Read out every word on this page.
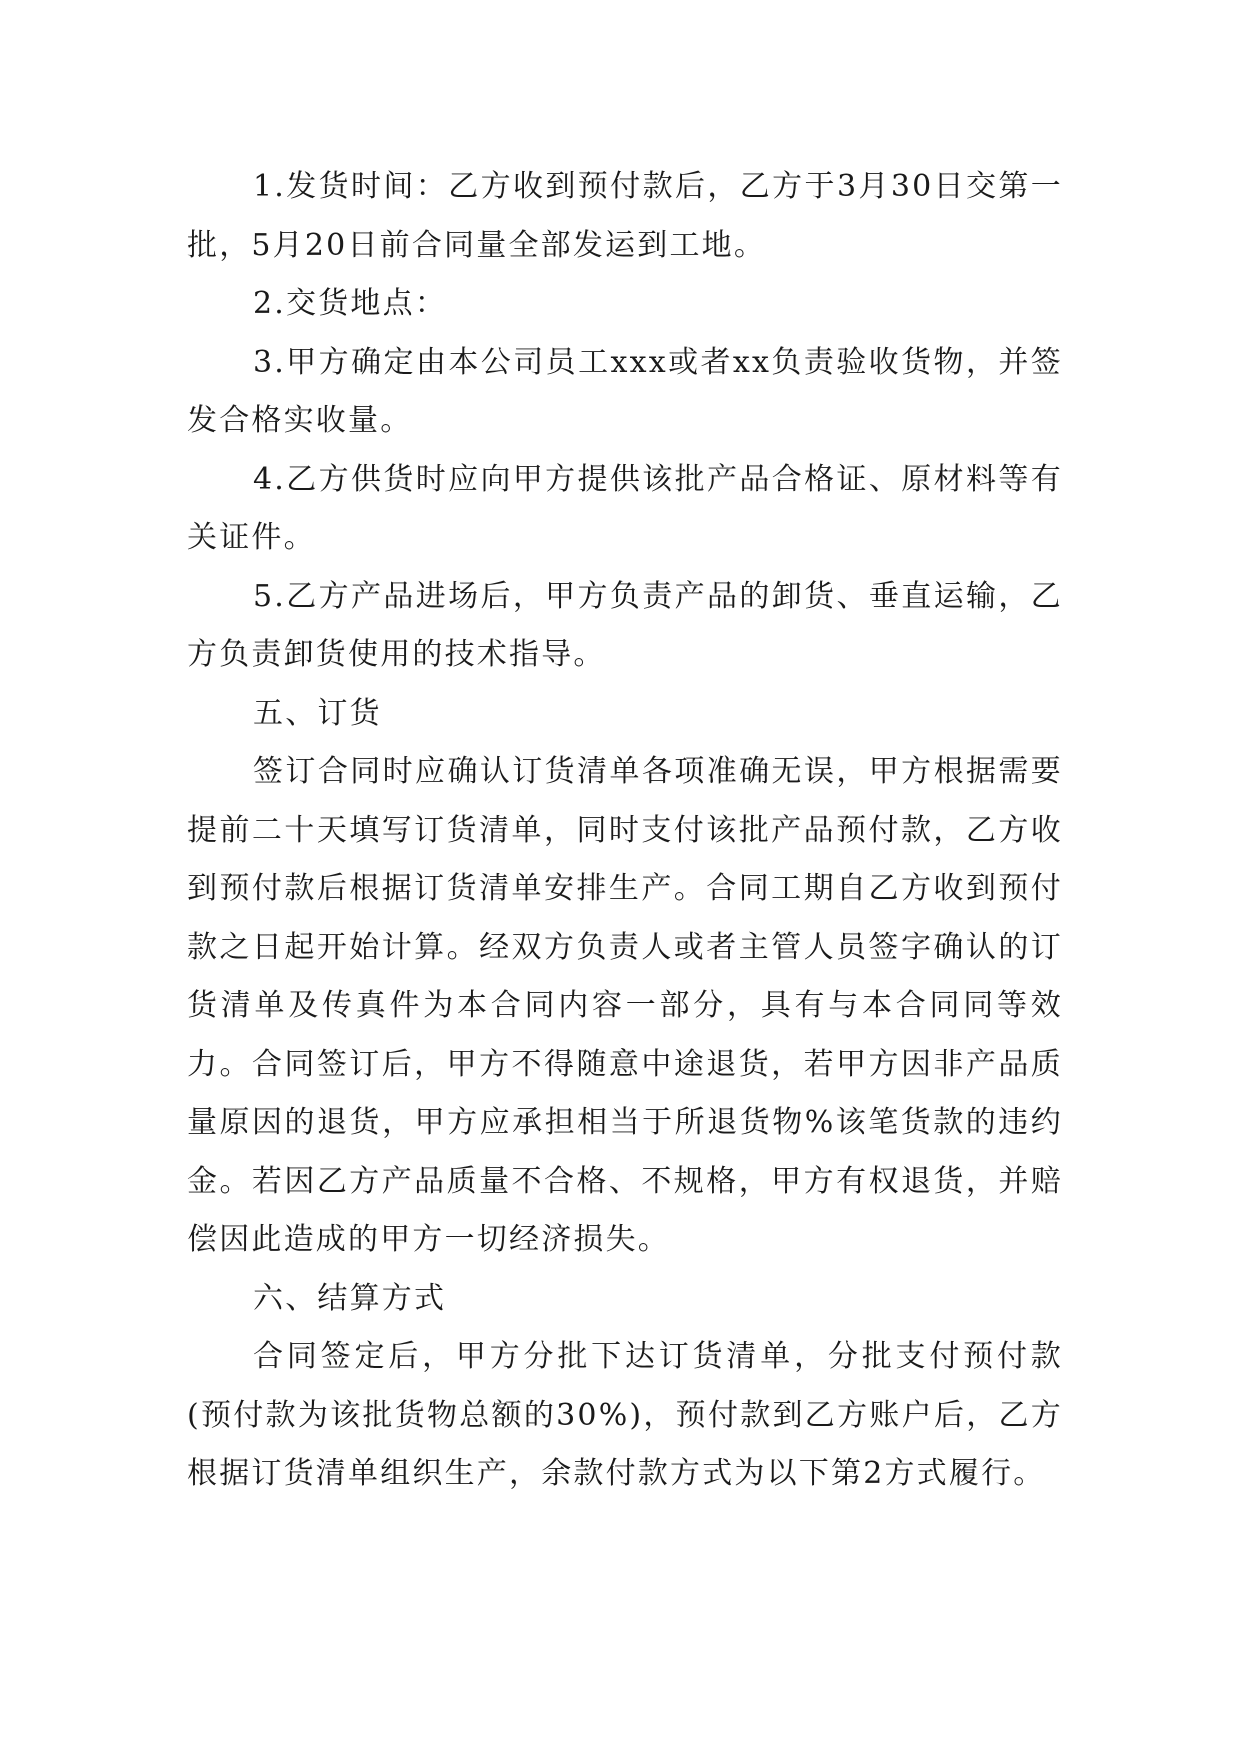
1.发货时间：乙方收到预付款后，乙方于3月30日交第一批，5月20日前合同量全部发运到工地。

2.交货地点：

3.甲方确定由本公司员工xxx或者xx负责验收货物，并签发合格实收量。

4.乙方供货时应向甲方提供该批产品合格证、原材料等有关证件。

5.乙方产品进场后，甲方负责产品的卸货、垂直运输，乙方负责卸货使用的技术指导。

五、订货

签订合同时应确认订货清单各项准确无误，甲方根据需要提前二十天填写订货清单，同时支付该批产品预付款，乙方收到预付款后根据订货清单安排生产。合同工期自乙方收到预付款之日起开始计算。经双方负责人或者主管人员签字确认的订货清单及传真件为本合同内容一部分，具有与本合同同等效力。合同签订后，甲方不得随意中途退货，若甲方因非产品质量原因的退货，甲方应承担相当于所退货物%该笔货款的违约金。若因乙方产品质量不合格、不规格，甲方有权退货，并赔偿因此造成的甲方一切经济损失。

六、结算方式

合同签定后，甲方分批下达订货清单，分批支付预付款(预付款为该批货物总额的30%)，预付款到乙方账户后，乙方根据订货清单组织生产，余款付款方式为以下第2方式履行。
